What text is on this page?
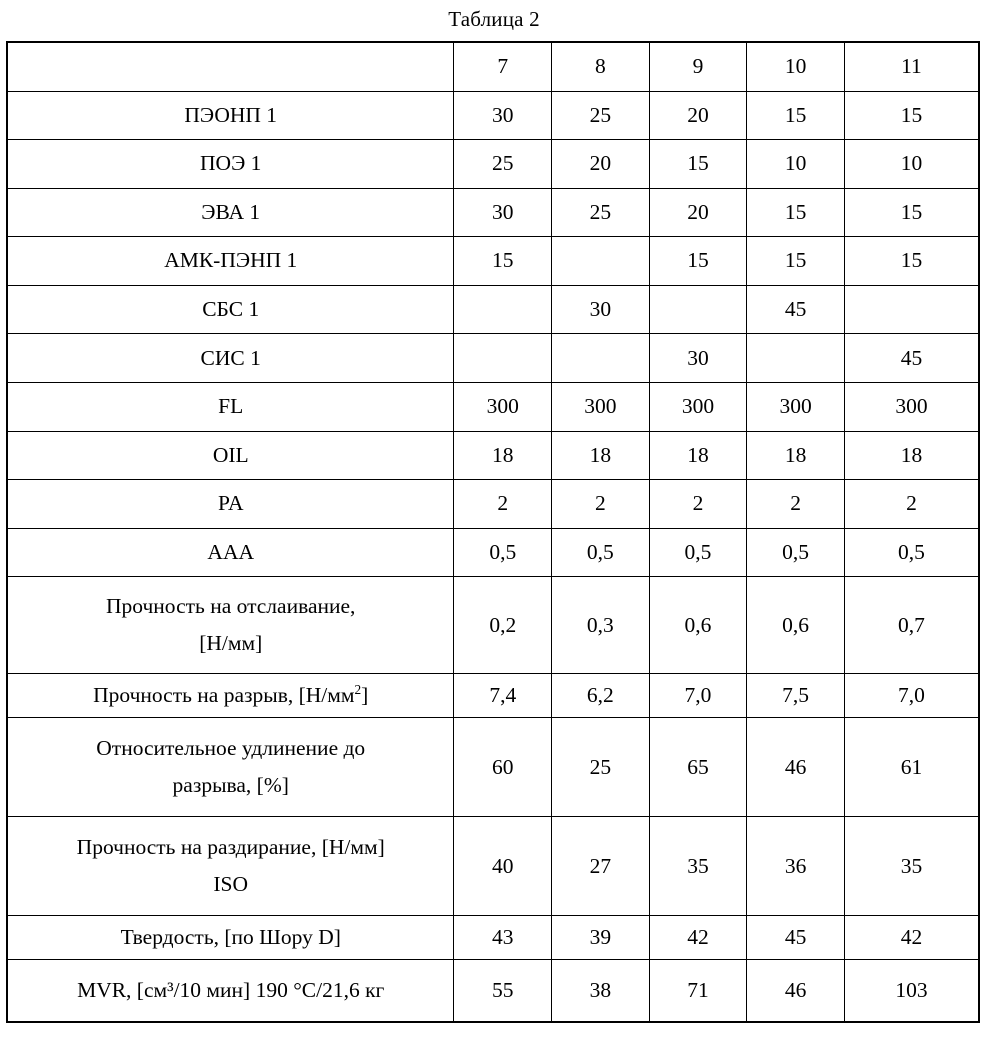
Таблица 2
	7	8	9	10	11
ПЭОНП 1	30	25	20	15	15
ПОЭ 1	25	20	15	10	10
ЭВА 1	30	25	20	15	15
АМК-ПЭНП 1	15		15	15	15
СБС 1		30		45	
СИС 1			30		45
FL	300	300	300	300	300
OIL	18	18	18	18	18
PA	2	2	2	2	2
AAA	0,5	0,5	0,5	0,5	0,5

Прочность на отслаивание,
[Н/мм]	0,2	0,3	0,6	0,6	0,7
Прочность на разрыв, $[Н/мм^2]$	7,4	6,2	7,0	7,5	7,0

Относительное удлинение до
разрыва, [%]	60	25	65	46	61

Прочность на раздирание, [Н/мм]
ISO	40	27	35	36	35
Твердость, [по Шору D]	43	39	42	45	42
MVR, [см³/10 мин] 190 °C/21,6 кг	55	38	71	46	103
